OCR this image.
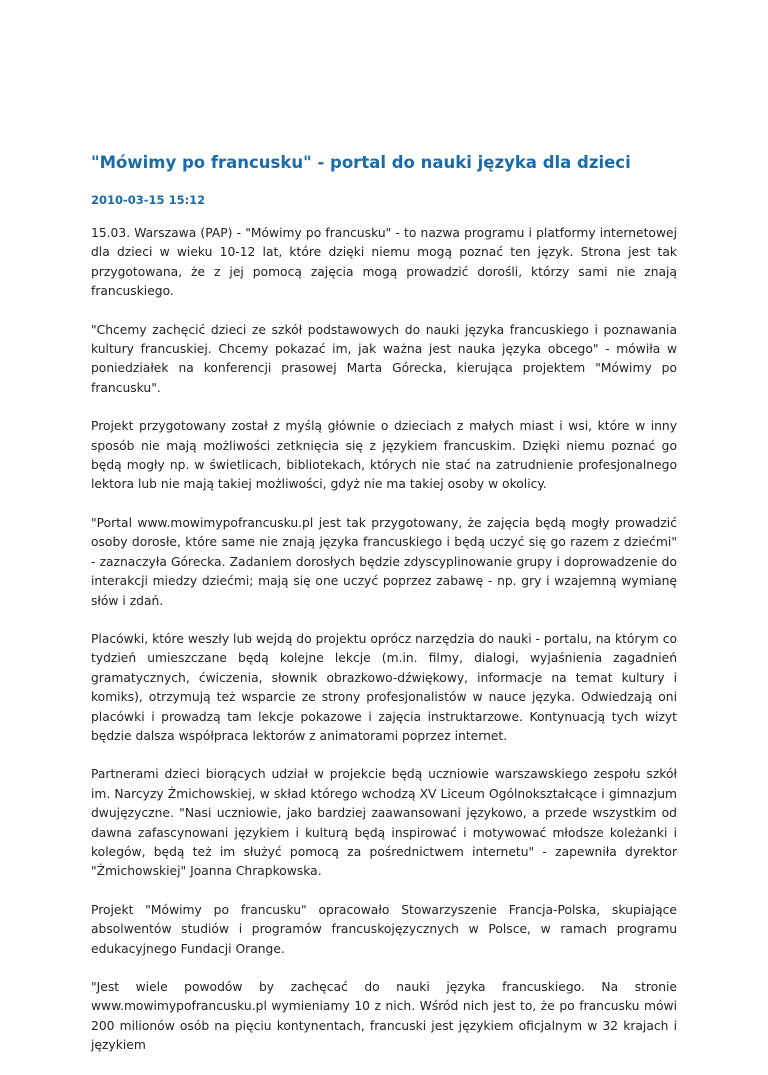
"Mówimy po francusku" - portal do nauki języka dla dzieci
2010-03-15 15:12

15.03. Warszawa (PAP) - "Mówimy po francusku" - to nazwa programu i platformy internetowej dla dzieci w wieku 10-12 lat, które dzięki niemu mogą poznać ten język. Strona jest tak przygotowana, że z jej pomocą zajęcia mogą prowadzić dorośli, którzy sami nie znają francuskiego.

"Chcemy zachęcić dzieci ze szkół podstawowych do nauki języka francuskiego i poznawania kultury francuskiej. Chcemy pokazać im, jak ważna jest nauka języka obcego" - mówiła w poniedziałek na konferencji prasowej Marta Górecka, kierująca projektem "Mówimy po francusku".

Projekt przygotowany został z myślą głównie o dzieciach z małych miast i wsi, które w inny sposób nie mają możliwości zetknięcia się z językiem francuskim. Dzięki niemu poznać go będą mogły np. w świetlicach, bibliotekach, których nie stać na zatrudnienie profesjonalnego lektora lub nie mają takiej możliwości, gdyż nie ma takiej osoby w okolicy.

"Portal www.mowimypofrancusku.pl jest tak przygotowany, że zajęcia będą mogły prowadzić osoby dorosłe, które same nie znają języka francuskiego i będą uczyć się go razem z dziećmi" - zaznaczyła Górecka. Zadaniem dorosłych będzie zdyscyplinowanie grupy i doprowadzenie do interakcji miedzy dziećmi; mają się one uczyć poprzez zabawę - np. gry i wzajemną wymianę słów i zdań.

Placówki, które weszły lub wejdą do projektu oprócz narzędzia do nauki - portalu, na którym co tydzień umieszczane będą kolejne lekcje (m.in. filmy, dialogi, wyjaśnienia zagadnień gramatycznych, ćwiczenia, słownik obrazkowo-dźwiękowy, informacje na temat kultury i komiks), otrzymują też wsparcie ze strony profesjonalistów w nauce języka. Odwiedzają oni placówki i prowadzą tam lekcje pokazowe i zajęcia instruktarzowe. Kontynuacją tych wizyt będzie dalsza współpraca lektorów z animatorami poprzez internet.

Partnerami dzieci biorących udział w projekcie będą uczniowie warszawskiego zespołu szkół im. Narcyzy Żmichowskiej, w skład którego wchodzą XV Liceum Ogólnokształcące i gimnazjum dwujęzyczne. "Nasi uczniowie, jako bardziej zaawansowani językowo, a przede wszystkim od dawna zafascynowani językiem i kulturą będą inspirować i motywować młodsze koleżanki i kolegów, będą też im służyć pomocą za pośrednictwem internetu" - zapewniła dyrektor "Żmichowskiej" Joanna Chrapkowska.

Projekt "Mówimy po francusku" opracowało Stowarzyszenie Francja-Polska, skupiające absolwentów studiów i programów francuskojęzycznych w Polsce, w ramach programu edukacyjnego Fundacji Orange.

"Jest wiele powodów by zachęcać do nauki języka francuskiego. Na stronie www.mowimypofrancusku.pl wymieniamy 10 z nich. Wśród nich jest to, że po francusku mówi 200 milionów osób na pięciu kontynentach, francuski jest językiem oficjalnym w 32 krajach i językiem
